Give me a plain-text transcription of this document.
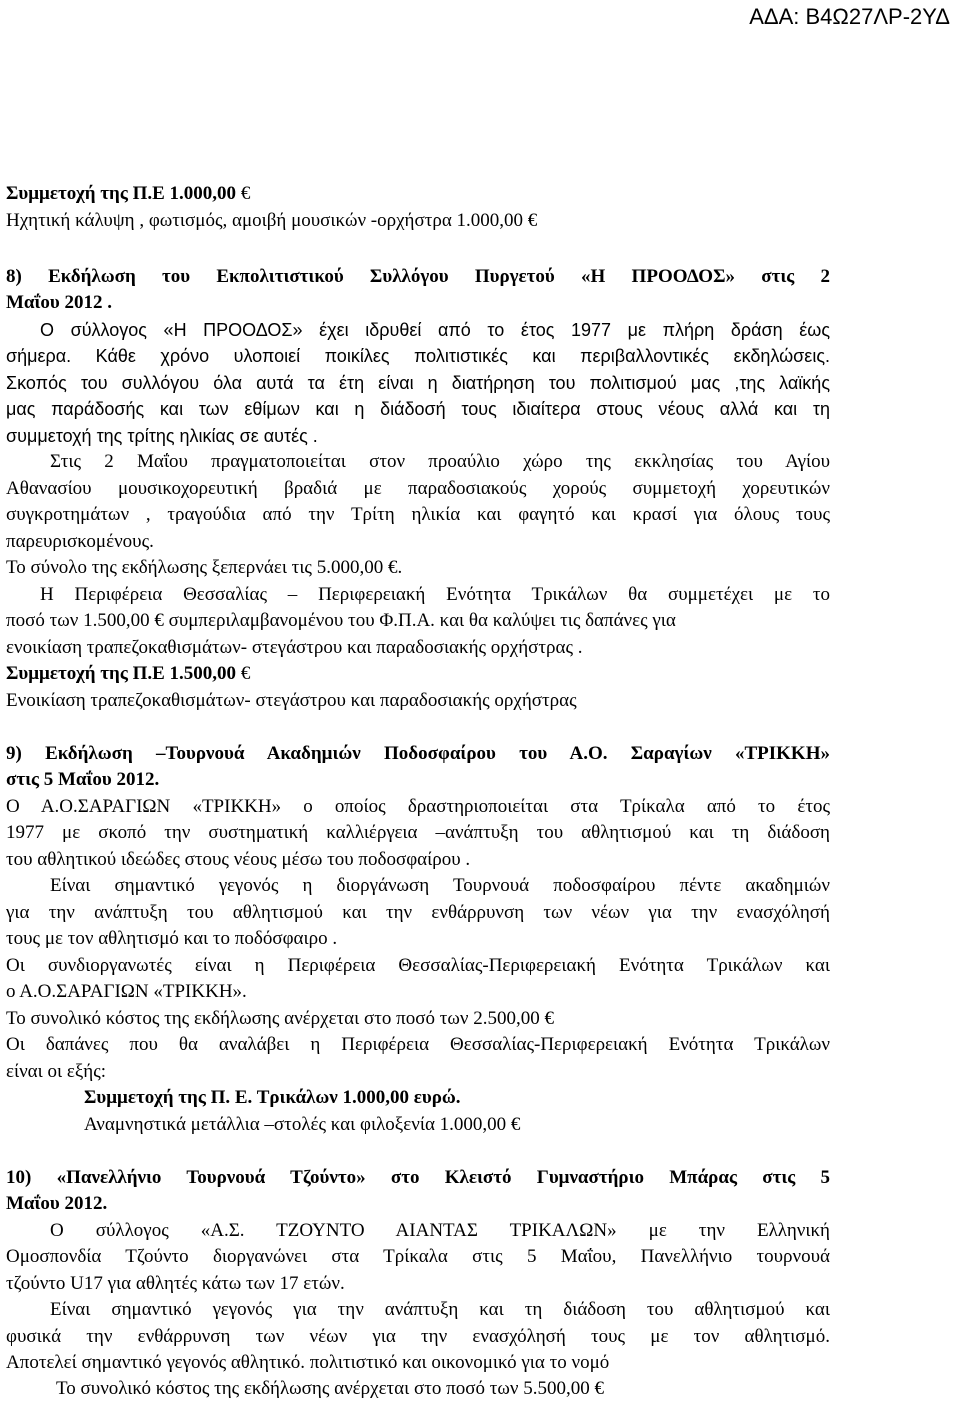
ΑΔΑ: Β4Ω27ΛΡ-2ΥΔ
Συμμετοχή της Π.Ε 1.000,00 €
Ηχητική κάλυψη , φωτισμός, αμοιβή μουσικών -ορχήστρα 1.000,00 €
8) Εκδήλωση του Εκπολιτιστικού Συλλόγου Πυργετού «Η ΠΡΟΟΔΟΣ» στις 2
Μαΐου 2012 .
Ο σύλλογος «Η ΠΡΟΟΔΟΣ» έχει ιδρυθεί από το έτος 1977 με πλήρη δράση έως
σήμερα. Κάθε χρόνο υλοποιεί ποικίλες πολιτιστικές και περιβαλλοντικές εκδηλώσεις.
Σκοπός του συλλόγου όλα αυτά τα έτη είναι η διατήρηση του πολιτισμού μας ,της λαϊκής
μας παράδοσής και των εθίμων και η διάδοσή τους ιδιαίτερα στους νέους αλλά και τη
συμμετοχή της τρίτης ηλικίας σε αυτές .
Στις 2 Μαΐου πραγματοποιείται στον προαύλιο χώρο της εκκλησίας του Αγίου
Αθανασίου μουσικοχορευτική βραδιά με παραδοσιακούς χορούς συμμετοχή χορευτικών
συγκροτημάτων , τραγούδια από την Τρίτη ηλικία και φαγητό και κρασί για όλους τους
παρευρισκομένους.
Το σύνολο της εκδήλωσης ξεπερνάει τις 5.000,00 €.
Η Περιφέρεια Θεσσαλίας – Περιφερειακή Ενότητα Τρικάλων θα συμμετέχει με το
ποσό των 1.500,00 € συμπεριλαμβανομένου του Φ.Π.Α. και θα καλύψει τις δαπάνες για
ενοικίαση τραπεζοκαθισμάτων- στεγάστρου και παραδοσιακής ορχήστρας .
Συμμετοχή της Π.Ε 1.500,00 €
Ενοικίαση τραπεζοκαθισμάτων- στεγάστρου και παραδοσιακής ορχήστρας
9) Εκδήλωση –Τουρνουά Ακαδημιών Ποδοσφαίρου του Α.Ο. Σαραγίων «ΤΡΙΚΚΗ»
στις 5 Μαΐου 2012.
Ο Α.Ο.ΣΑΡΑΓΙΩΝ «ΤΡΙΚΚΗ» ο οποίος δραστηριοποιείται στα Τρίκαλα από το έτος
1977 με σκοπό την συστηματική καλλιέργεια –ανάπτυξη του αθλητισμού και τη διάδοση
του αθλητικού ιδεώδες στους νέους μέσω του ποδοσφαίρου .
Είναι σημαντικό γεγονός η διοργάνωση Τουρνουά ποδοσφαίρου πέντε ακαδημιών
για την ανάπτυξη του αθλητισμού και την ενθάρρυνση των νέων για την ενασχόλησή
τους με τον αθλητισμό και το ποδόσφαιρο .
Οι συνδιοργανωτές είναι η Περιφέρεια Θεσσαλίας-Περιφερειακή Ενότητα Τρικάλων και
ο Α.Ο.ΣΑΡΑΓΙΩΝ «ΤΡΙΚΚΗ».
Το συνολικό κόστος της εκδήλωσης ανέρχεται στο ποσό των 2.500,00 €
Οι δαπάνες που θα αναλάβει η Περιφέρεια Θεσσαλίας-Περιφερειακή Ενότητα Τρικάλων
είναι οι εξής:
Συμμετοχή της Π. Ε. Τρικάλων 1.000,00 ευρώ.
Αναμνηστικά μετάλλια –στολές και φιλοξενία 1.000,00 €
10) «Πανελλήνιο Τουρνουά Τζούντο» στο Κλειστό Γυμναστήριο Μπάρας στις 5
Μαΐου 2012.
Ο σύλλογος «Α.Σ. ΤΖΟΥΝΤΟ ΑΙΑΝΤΑΣ ΤΡΙΚΑΛΩΝ» με την Ελληνική
Ομοσπονδία Τζούντο διοργανώνει στα Τρίκαλα στις 5 Μαΐου, Πανελλήνιο τουρνουά
τζούντο U17 για αθλητές κάτω των 17 ετών.
Είναι σημαντικό γεγονός για την ανάπτυξη και τη διάδοση του αθλητισμού και
φυσικά την ενθάρρυνση των νέων για την ενασχόλησή τους με τον αθλητισμό.
Αποτελεί σημαντικό γεγονός αθλητικό. πολιτιστικό και οικονομικό για το νομό
Το συνολικό κόστος της εκδήλωσης ανέρχεται στο ποσό των 5.500,00 €
